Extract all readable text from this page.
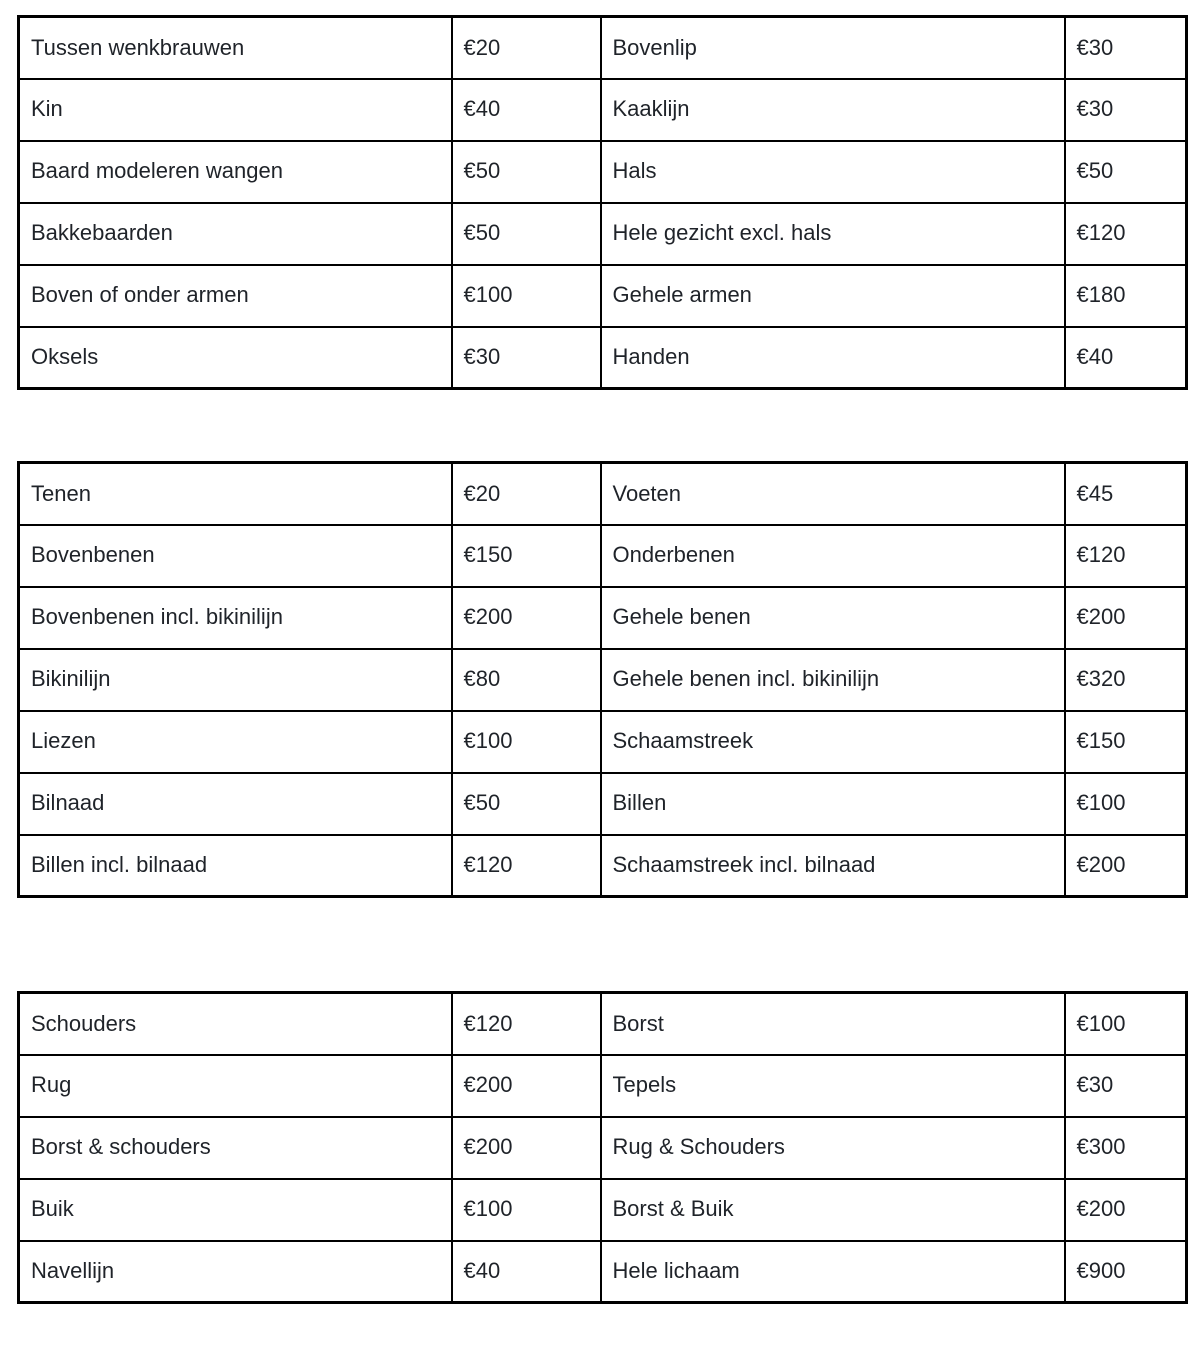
Tussen wenkbrauwen	€20	Bovenlip	€30
Kin	€40	Kaaklijn	€30
Baard modeleren wangen	€50	Hals	€50
Bakkebaarden	€50	Hele gezicht excl. hals	€120
Boven of onder armen	€100	Gehele armen	€180
Oksels	€30	Handen	€40
Tenen	€20	Voeten	€45
Bovenbenen	€150	Onderbenen	€120
Bovenbenen incl. bikinilijn	€200	Gehele benen	€200
Bikinilijn	€80	Gehele benen incl. bikinilijn	€320
Liezen	€100	Schaamstreek	€150
Bilnaad	€50	Billen	€100
Billen incl. bilnaad	€120	Schaamstreek incl. bilnaad	€200
Schouders	€120	Borst	€100
Rug	€200	Tepels	€30
Borst & schouders	€200	Rug & Schouders	€300
Buik	€100	Borst & Buik	€200
Navellijn	€40	Hele lichaam	€900
